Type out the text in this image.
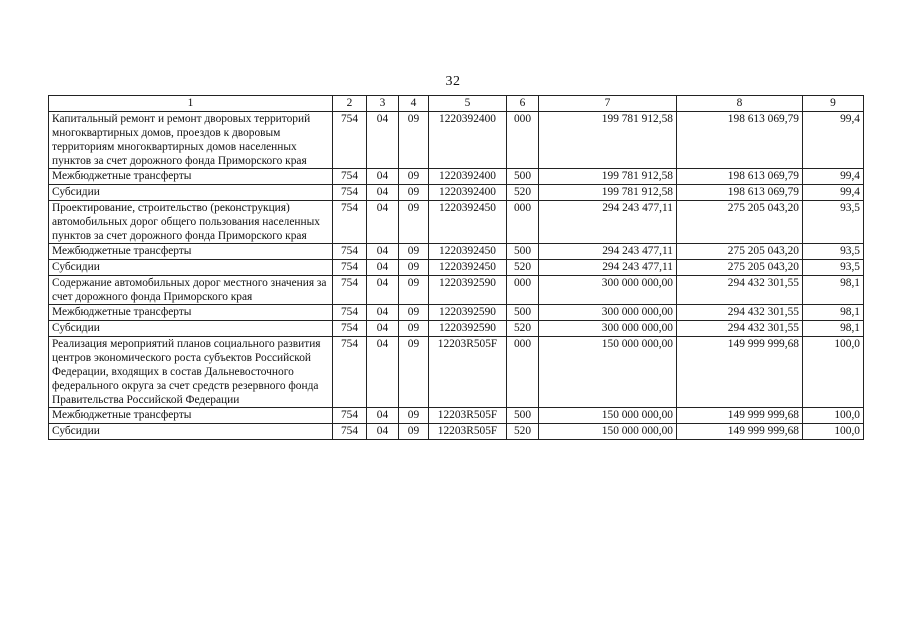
32
1	2	3	4	5	6	7	8	9
Капитальный ремонт и ремонт дворовых территорий многоквартирных домов, проездов к дворовым территориям многоквартирных домов населенных пунктов за счет дорожного фонда Приморского края	754	04	09	1220392400	000	199 781 912,58	198 613 069,79	99,4
Межбюджетные трансферты	754	04	09	1220392400	500	199 781 912,58	198 613 069,79	99,4
Субсидии	754	04	09	1220392400	520	199 781 912,58	198 613 069,79	99,4
Проектирование, строительство (реконструкция) автомобильных дорог общего пользования населенных пунктов за счет дорожного фонда Приморского края	754	04	09	1220392450	000	294 243 477,11	275 205 043,20	93,5
Межбюджетные трансферты	754	04	09	1220392450	500	294 243 477,11	275 205 043,20	93,5
Субсидии	754	04	09	1220392450	520	294 243 477,11	275 205 043,20	93,5
Содержание автомобильных дорог местного значения за счет дорожного фонда Приморского края	754	04	09	1220392590	000	300 000 000,00	294 432 301,55	98,1
Межбюджетные трансферты	754	04	09	1220392590	500	300 000 000,00	294 432 301,55	98,1
Субсидии	754	04	09	1220392590	520	300 000 000,00	294 432 301,55	98,1
Реализация мероприятий планов социального развития центров экономического роста субъектов Российской Федерации, входящих в состав Дальневосточного федерального округа за счет средств резервного фонда Правительства Российской Федерации	754	04	09	12203R505F	000	150 000 000,00	149 999 999,68	100,0
Межбюджетные трансферты	754	04	09	12203R505F	500	150 000 000,00	149 999 999,68	100,0
Субсидии	754	04	09	12203R505F	520	150 000 000,00	149 999 999,68	100,0
